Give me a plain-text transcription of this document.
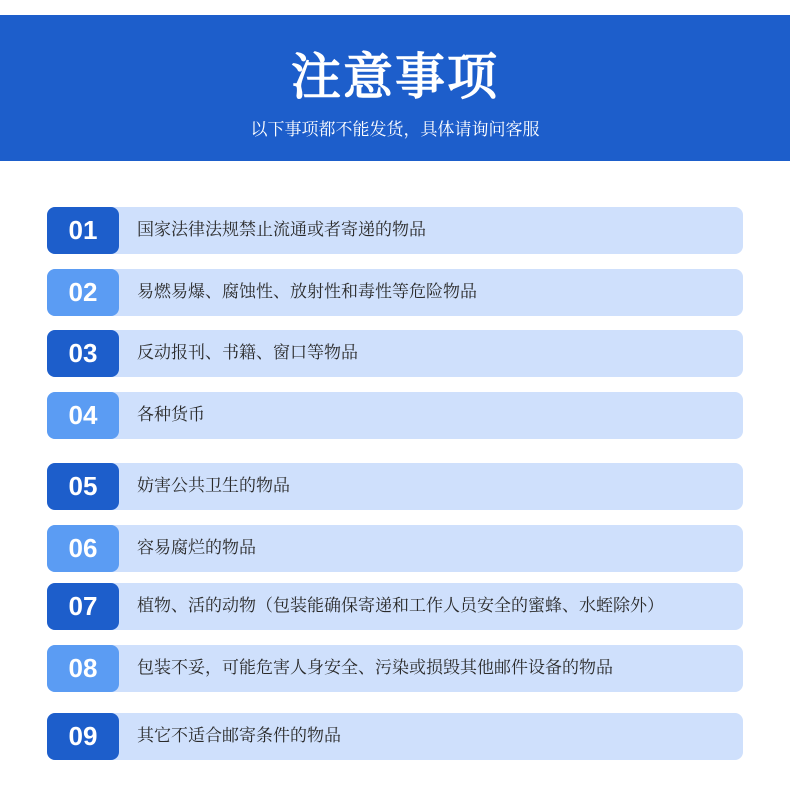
注意事项
以下事项都不能发货，具体请询问客服
01	国家法律法规禁止流通或者寄递的物品
02	易燃易爆、腐蚀性、放射性和毒性等危险物品
03	反动报刊、书籍、窗口等物品
04	各种货币
05	妨害公共卫生的物品
06	容易腐烂的物品
07	植物、活的动物（包装能确保寄递和工作人员安全的蜜蜂、水蛭除外）
08	包装不妥，可能危害人身安全、污染或损毁其他邮件设备的物品
09	其它不适合邮寄条件的物品
